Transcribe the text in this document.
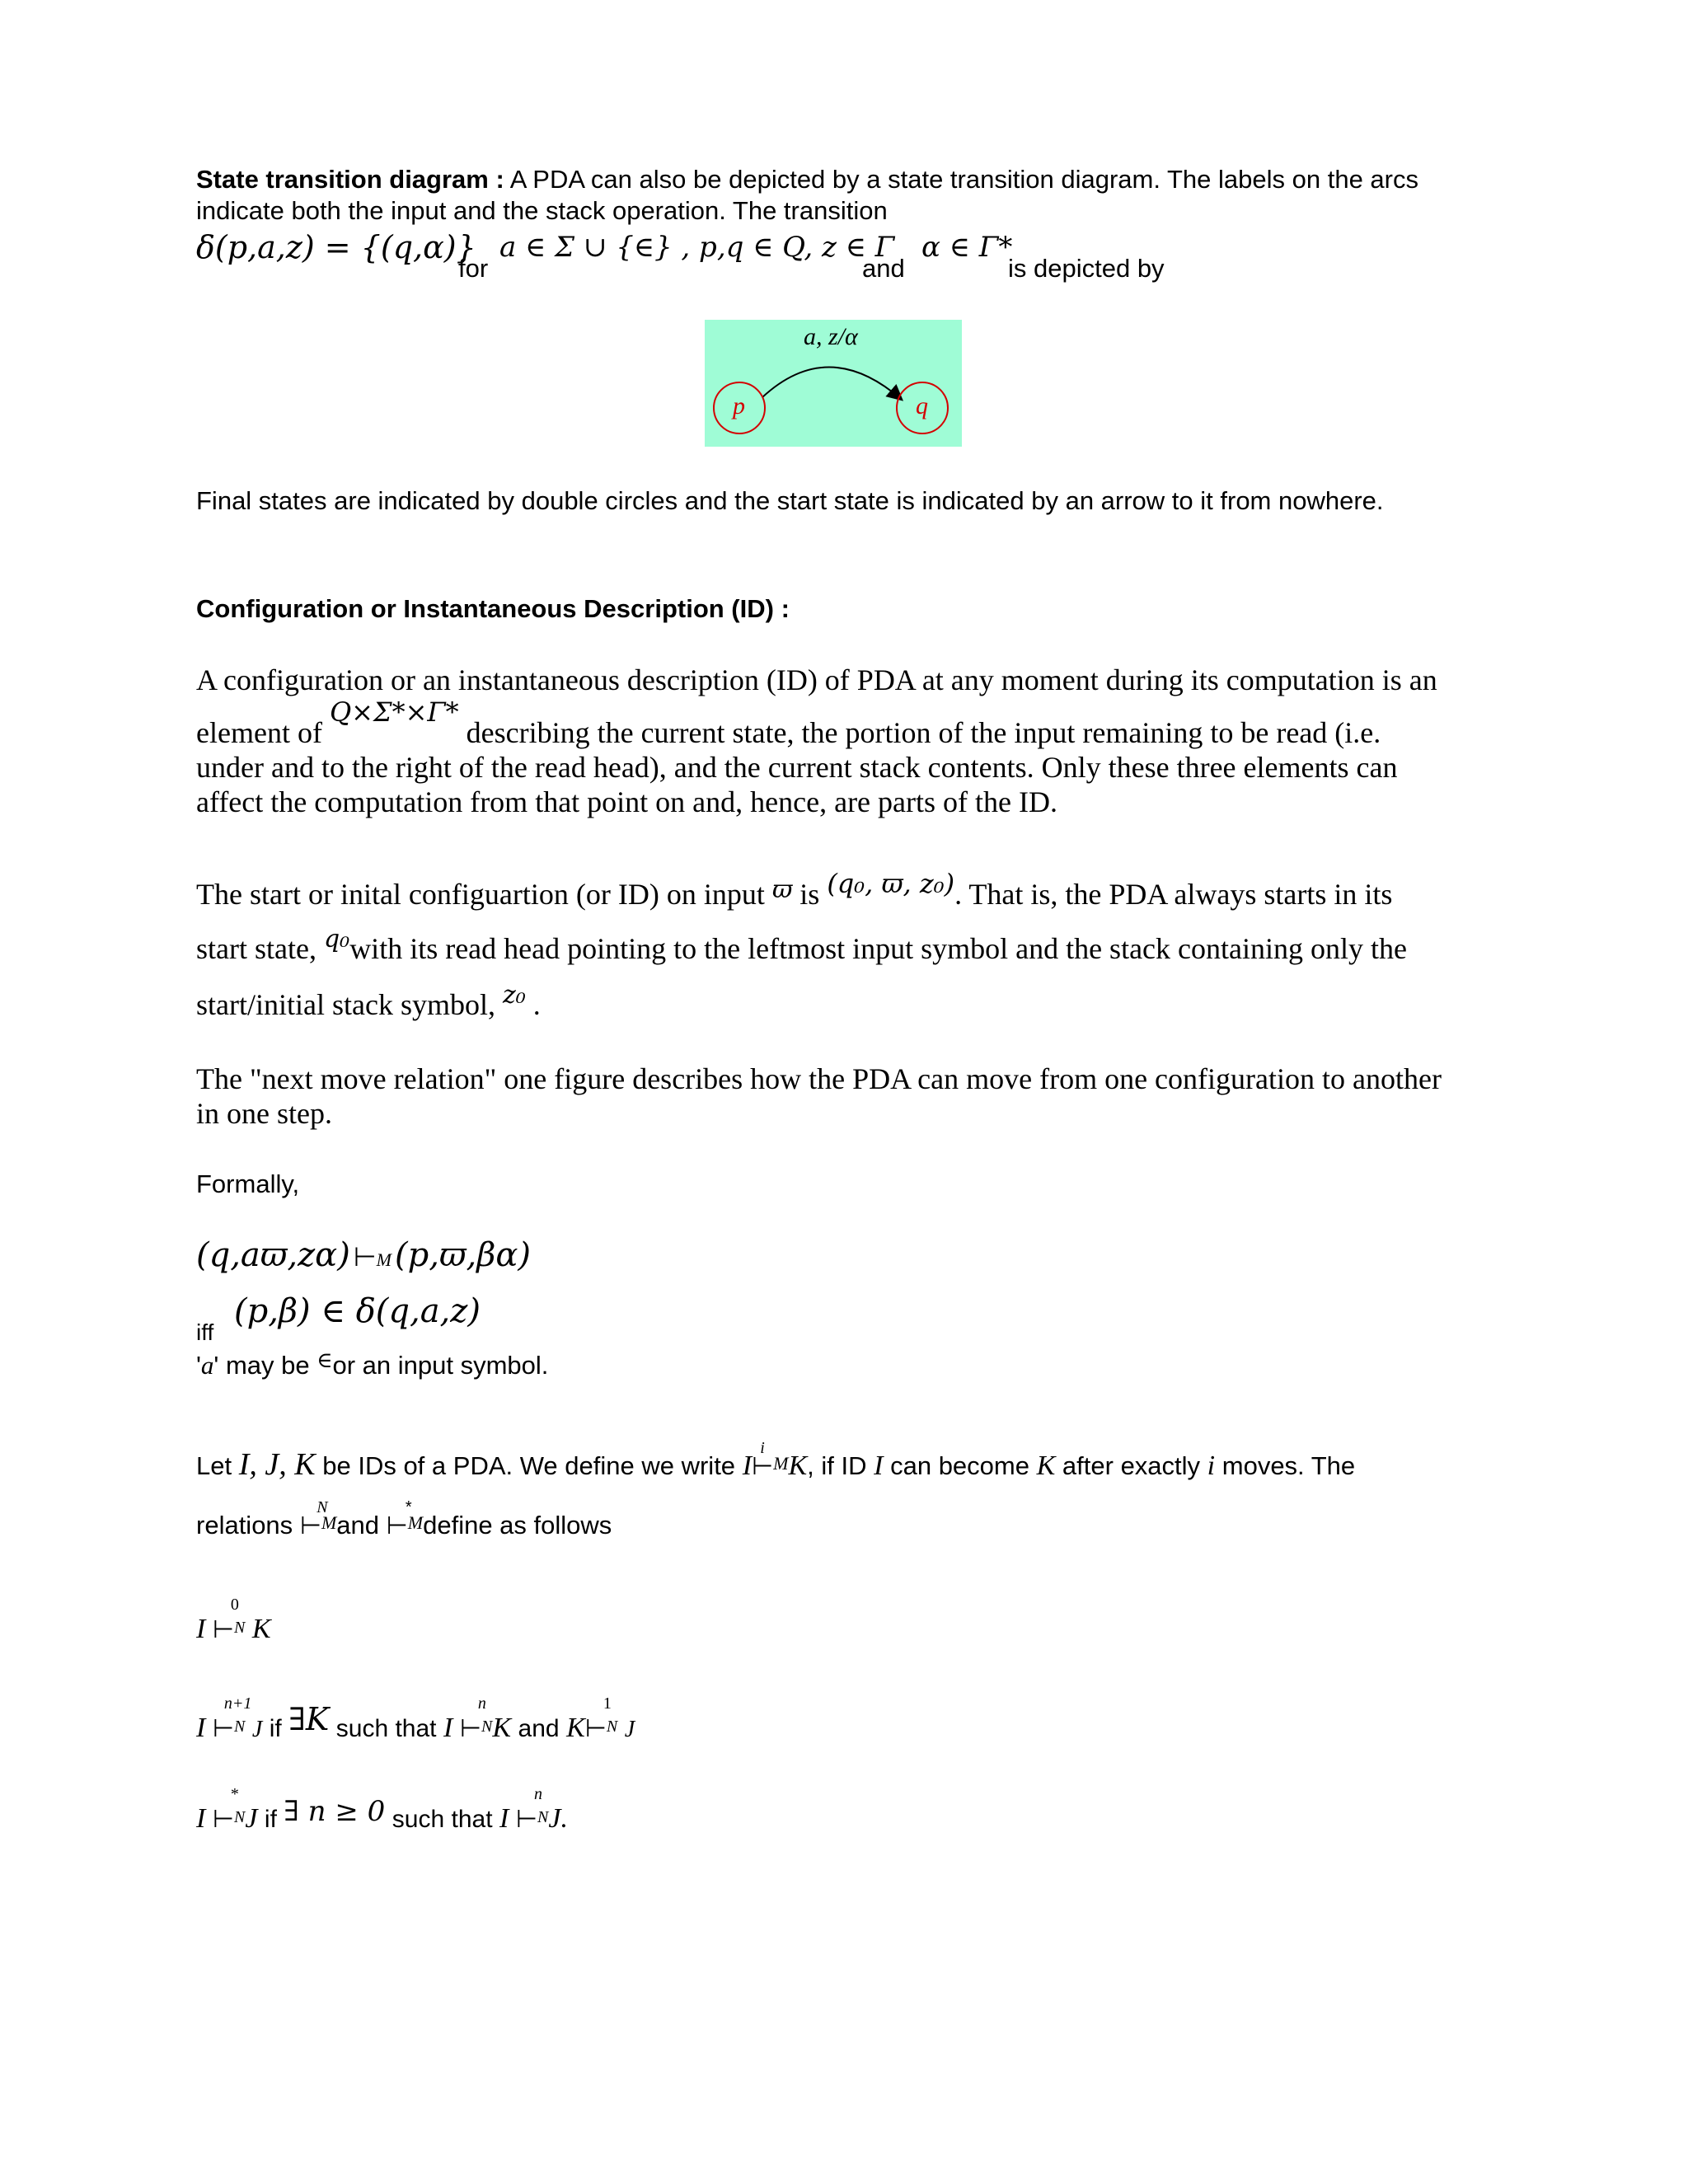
State transition diagram : A PDA can also be depicted by a state transition diagram. The labels on the arcs
indicate both the input and the stack operation. The transition
δ(p,a,z) = {(q,α)}
for
a ∈ Σ ∪ {∈} , p,q ∈ Q, z ∈ Γ
and
α ∈ Γ*
is depicted by
a, z/α
p	q
Final states are indicated by double circles and the start state is indicated by an arrow to it from nowhere.
Configuration or Instantaneous Description (ID) :
A configuration or an instantaneous description (ID) of PDA at any moment during its computation is an
element of Q×Σ*×Γ* describing the current state, the portion of the input remaining to be read (i.e.
under and to the right of the read head), and the current stack contents. Only these three elements can
affect the computation from that point on and, hence, are parts of the ID.
The start or inital configuartion (or ID) on input $^ϖ$ is (q₀, ϖ, z₀). That is, the PDA always starts in its
start state, $^{q_0}$with its read head pointing to the leftmost input symbol and the stack containing only the
start/initial stack symbol, $^{z_0}$ .
The "next move relation" one figure describes how the PDA can move from one configuration to another
in one step.
Formally,
(q,aϖ,zα) ⊢M (p,ϖ,βα)
iff
(p,β) ∈ δ(q,a,z)
'a' may be ∈or an input symbol.
Let I, J, K be IDs of a PDA. We define we write I⊢
i
MK, if ID I can become K after exactly i moves. The
relations ⊢
N
Mand ⊢
*
Mdefine as follows
I ⊢
0
N K
I ⊢
n+1
N J if ∃K such that I ⊢
n
NK and K⊢
1
N J
I ⊢
*
NJ if ∃ n ≥ 0 such that I ⊢
n
NJ.
